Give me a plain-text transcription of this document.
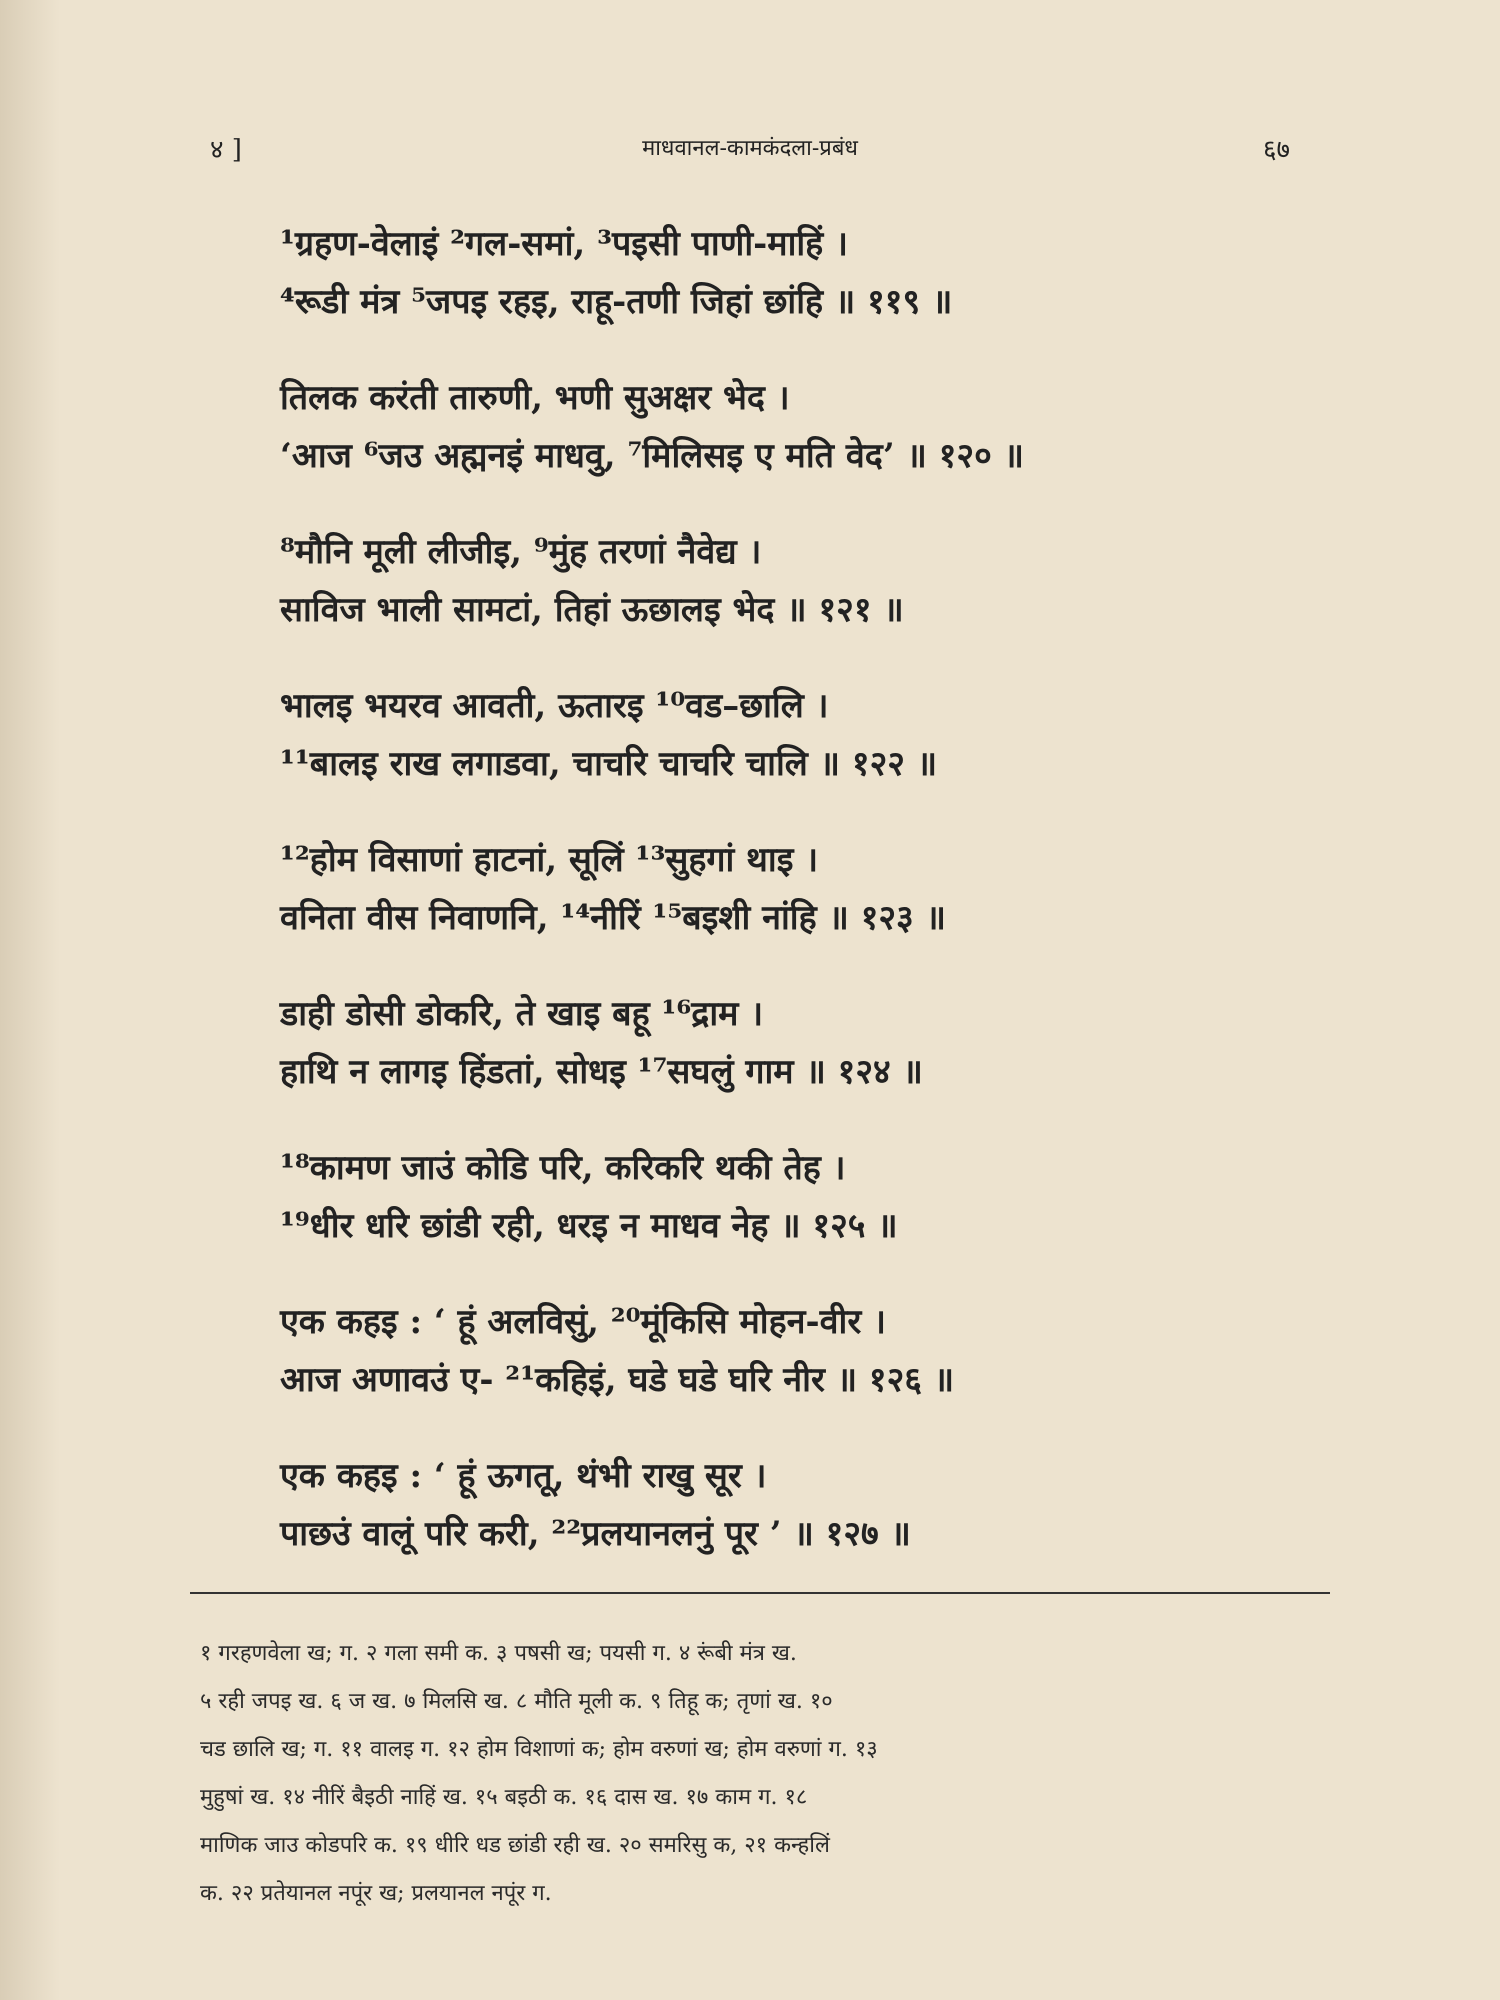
४ ]	माधवानल-कामकंदला-प्रबंध	६७
¹ग्रहण-वेलाइं ²गल-समां, ³पइसी पाणी-माहिं ।
⁴रूडी मंत्र ⁵जपइ रहइ, राहू-तणी जिहां छांहि ॥ ११९ ॥
तिलक करंती तारुणी, भणी सुअक्षर भेद ।
‘आज ⁶जउ अह्मनइं माधवु, ⁷मिलिसइ ए मति वेद’ ॥ १२० ॥
⁸मौनि मूली लीजीइ, ⁹मुंह तरणां नैवेद्य ।
साविज भाली सामटां, तिहां ऊछालइ भेद ॥ १२१ ॥
भालइ भयरव आवती, ऊतारइ ¹⁰वड–छालि ।
¹¹बालइ राख लगाडवा, चाचरि चाचरि चालि ॥ १२२ ॥
¹²होम विसाणां हाटनां, सूलिं ¹³सुहगां थाइ ।
वनिता वीस निवाणनि, ¹⁴नीरिं ¹⁵बइशी नांहि ॥ १२३ ॥
डाही डोसी डोकरि, ते खाइ बहू ¹⁶द्राम ।
हाथि न लागइ हिंडतां, सोधइ ¹⁷सघलुं गाम ॥ १२४ ॥
¹⁸कामण जाउं कोडि परि, करिकरि थकी तेह ।
¹⁹धीर धरि छांडी रही, धरइ न माधव नेह ॥ १२५ ॥
एक कहइ : ‘ हूं अलविसुं, ²⁰मूंकिसि मोहन-वीर ।
आज अणावउं ए- ²¹कहिइं, घडे घडे घरि नीर ॥ १२६ ॥
एक कहइ : ‘ हूं ऊगतू, थंभी राखु सूर ।
पाछउं वालूं परि करी, ²²प्रलयानलनुं पूर ’ ॥ १२७ ॥
१ गरहणवेला ख; ग. २ गला समी क. ३ पषसी ख; पयसी ग. ४ रूंबी मंत्र ख.
५ रही जपइ ख. ६ ज ख. ७ मिलसि ख. ८ मौति मूली क. ९ तिहू क; तृणां ख. १०
चड छालि ख; ग. ११ वालइ ग. १२ होम विशाणां क; होम वरुणां ख; होम वरुणां ग. १३
मुहुषां ख. १४ नीरिं बैइठी नाहिं ख. १५ बइठी क. १६ दास ख. १७ काम ग. १८
माणिक जाउ कोडपरि क. १९ धीरि धड छांडी रही ख. २० समरिसु क, २१ कन्हलिं
क. २२ प्रतेयानल नपूंर ख; प्रलयानल नपूंर ग.
